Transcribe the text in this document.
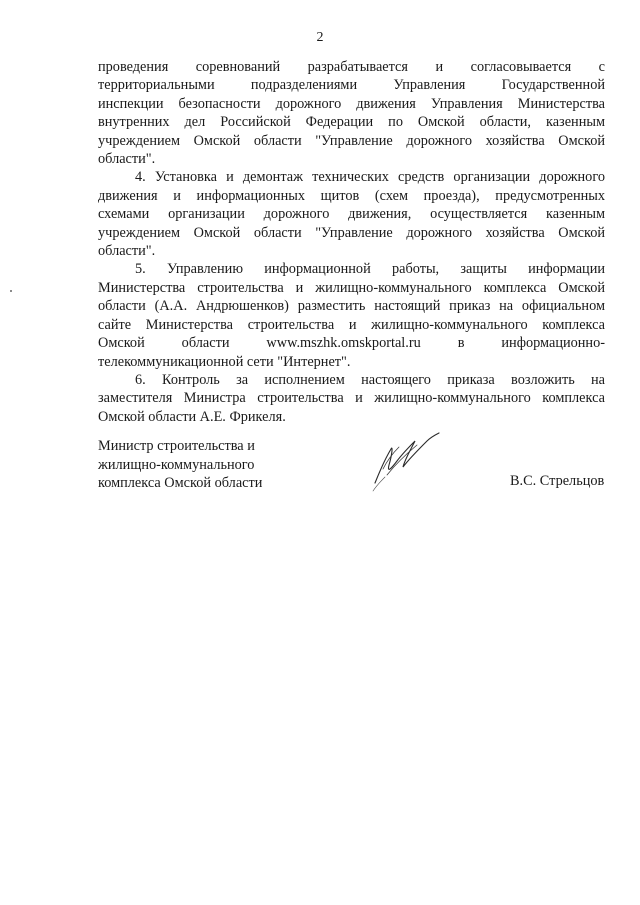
2
проведения соревнований разрабатывается и согласовывается с
территориальными подразделениями Управления Государственной
инспекции безопасности дорожного движения Управления Министерства
внутренних дел Российской Федерации по Омской области, казенным
учреждением Омской области "Управление дорожного хозяйства Омской
области".
4. Установка и демонтаж технических средств организации дорожного
движения и информационных щитов (схем проезда), предусмотренных
схемами организации дорожного движения, осуществляется казенным
учреждением Омской области "Управление дорожного хозяйства Омской
области".
5. Управлению информационной работы, защиты информации
Министерства строительства и жилищно-коммунального комплекса Омской
области (А.А. Андрюшенков) разместить настоящий приказ на официальном
сайте Министерства строительства и жилищно-коммунального комплекса
Омской области www.mszhk.omskportal.ru в информационно-
телекоммуникационной сети "Интернет".
6. Контроль за исполнением настоящего приказа возложить на
заместителя Министра строительства и жилищно-коммунального комплекса
Омской области А.Е. Фрикеля.
Министр строительства и
жилищно-коммунального
комплекса Омской области	В.С. Стрельцов
